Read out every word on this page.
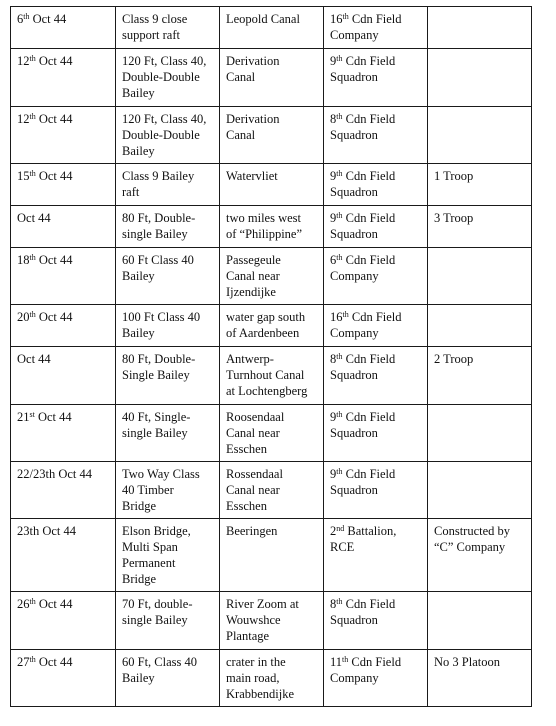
6th Oct 44	Class 9 close
support raft	Leopold Canal	16th Cdn Field
Company	

12th Oct 44	120 Ft, Class 40,
Double-Double
Bailey	Derivation
Canal	9th Cdn Field
Squadron	

12th Oct 44	120 Ft, Class 40,
Double-Double
Bailey	Derivation
Canal	8th Cdn Field
Squadron	

15th Oct 44	Class 9 Bailey
raft	Watervliet	9th Cdn Field
Squadron	1 Troop

Oct 44	80 Ft, Double-
single Bailey	two miles west
of “Philippine”	9th Cdn Field
Squadron	3 Troop

18th Oct 44	60 Ft Class 40
Bailey	Passegeule
Canal near
Ijzendijke	6th Cdn Field
Company	

20th Oct 44	100 Ft Class 40
Bailey	water gap south
of Aardenbeen	16th Cdn Field
Company	

Oct 44	80 Ft, Double-
Single Bailey	Antwerp-
Turnhout Canal
at Lochtengberg	8th Cdn Field
Squadron	2 Troop

21st Oct 44	40 Ft, Single-
single Bailey	Roosendaal
Canal near
Esschen	9th Cdn Field
Squadron	

22/23th Oct 44	Two Way Class
40 Timber
Bridge	Rossendaal
Canal near
Esschen	9th Cdn Field
Squadron	

23th Oct 44	Elson Bridge,
Multi Span
Permanent
Bridge	Beeringen	2nd Battalion,
RCE	Constructed by
“C” Company

26th Oct 44	70 Ft, double-
single Bailey	River Zoom at
Wouwshce
Plantage	8th Cdn Field
Squadron	

27th Oct 44	60 Ft, Class 40
Bailey	crater in the
main road,
Krabbendijke	11th Cdn Field
Company	No 3 Platoon
